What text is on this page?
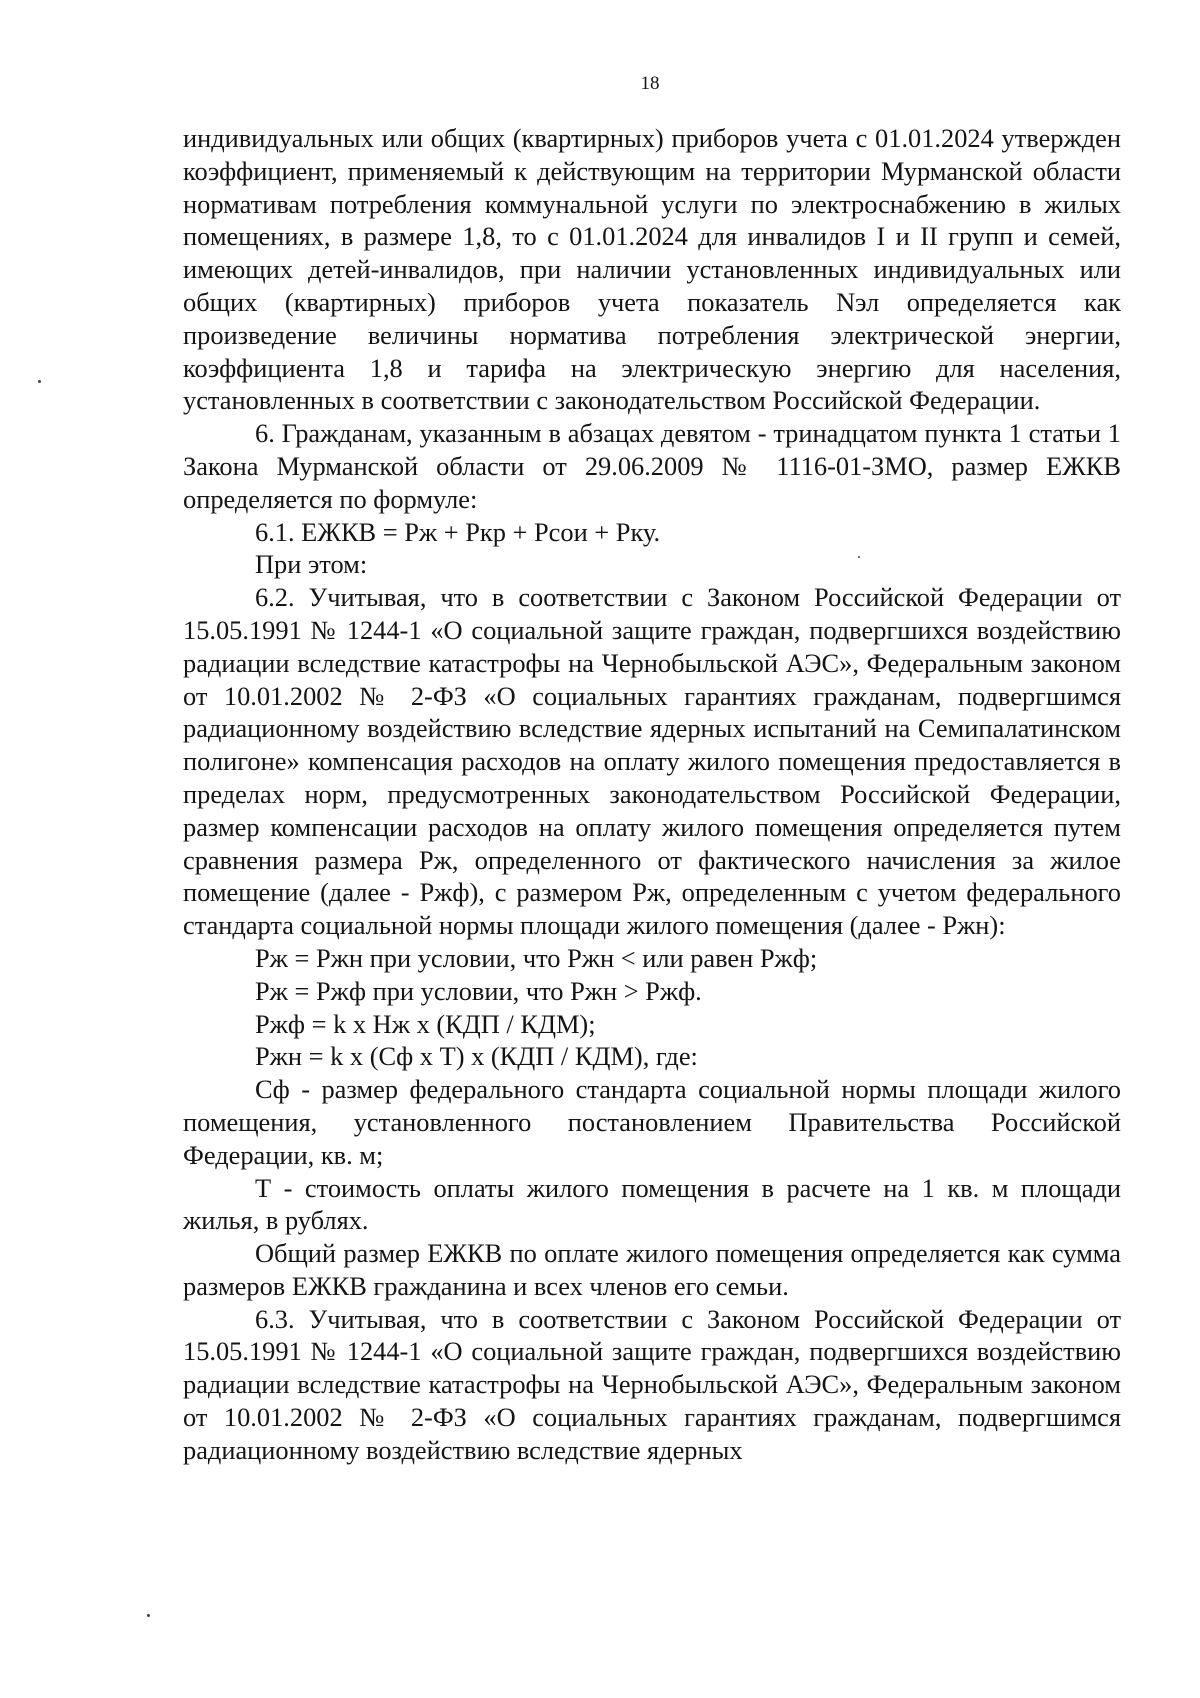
18

индивидуальных или общих (квартирных) приборов учета с 01.01.2024 утвержден коэффициент, применяемый к действующим на территории Мурманской области нормативам потребления коммунальной услуги по электроснабжению в жилых помещениях, в размере 1,8, то с 01.01.2024 для инвалидов I и II групп и семей, имеющих детей-инвалидов, при наличии установленных индивидуальных или общих (квартирных) приборов учета показатель Nэл определяется как произведение величины норматива потребления электрической энергии, коэффициента 1,8 и тарифа на электрическую энергию для населения, установленных в соответствии с законодательством Российской Федерации.

6. Гражданам, указанным в абзацах девятом - тринадцатом пункта 1 статьи 1 Закона Мурманской области от 29.06.2009 № 1116-01-ЗМО, размер ЕЖКВ определяется по формуле:

6.1. ЕЖКВ = Рж + Ркр + Рсои + Рку.

При этом:

6.2. Учитывая, что в соответствии с Законом Российской Федерации от 15.05.1991 № 1244-1 «О социальной защите граждан, подвергшихся воздействию радиации вследствие катастрофы на Чернобыльской АЭС», Федеральным законом от 10.01.2002 № 2-ФЗ «О социальных гарантиях гражданам, подвергшимся радиационному воздействию вследствие ядерных испытаний на Семипалатинском полигоне» компенсация расходов на оплату жилого помещения предоставляется в пределах норм, предусмотренных законодательством Российской Федерации, размер компенсации расходов на оплату жилого помещения определяется путем сравнения размера Рж, определенного от фактического начисления за жилое помещение (далее - Ржф), с размером Рж, определенным с учетом федерального стандарта социальной нормы площади жилого помещения (далее - Ржн):

Рж = Ржн при условии, что Ржн < или равен Ржф;

Рж = Ржф при условии, что Ржн > Ржф.

Ржф = k х Нж х (КДП / КДМ);

Ржн = k х (Сф х Т) х (КДП / КДМ), где:

Сф - размер федерального стандарта социальной нормы площади жилого помещения, установленного постановлением Правительства Российской Федерации, кв. м;

Т - стоимость оплаты жилого помещения в расчете на 1 кв. м площади жилья, в рублях.

Общий размер ЕЖКВ по оплате жилого помещения определяется как сумма размеров ЕЖКВ гражданина и всех членов его семьи.

6.3. Учитывая, что в соответствии с Законом Российской Федерации от 15.05.1991 № 1244-1 «О социальной защите граждан, подвергшихся воздействию радиации вследствие катастрофы на Чернобыльской АЭС», Федеральным законом от 10.01.2002 № 2-ФЗ «О социальных гарантиях гражданам, подвергшимся радиационному воздействию вследствие ядерных
